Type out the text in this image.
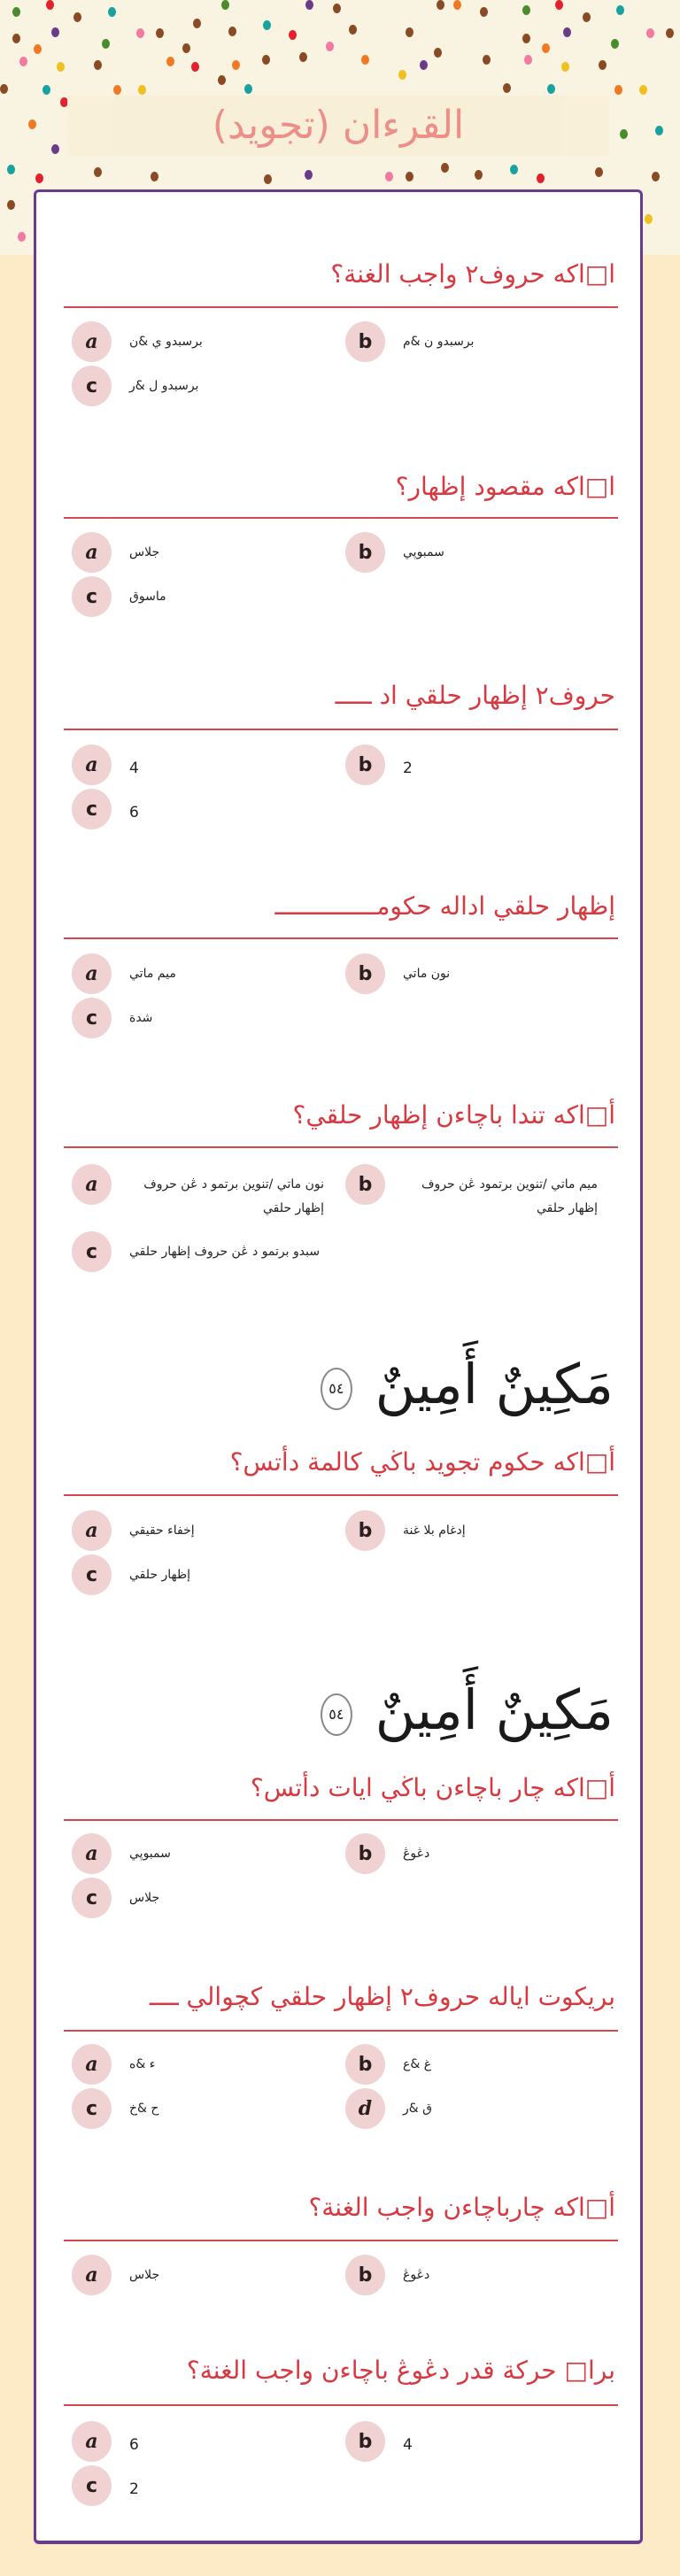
القرءان (تجويد)
ا□اكه حروف٢ واجب الغنة؟
a	برسبدو ي &ن	b	برسبدو ن &م
c	برسبدو ل &ر
ا□اكه مقصود إظهار؟
a	جلاس	b	سمبوڽي
c	ماسوق
حروف٢ إظهار حلقي اد ـــــ
a	4	b	2
c	6
إظهار حلقي اداله حكومــــــــــــــ
a	ميم ماتي	b	نون ماتي
c	شدة
أ□اكه تندا باچاءن إظهار حلقي؟
a	نون ماتي /تنوين برتمو د ڠن حروف إظهار حلقي
b	ميم ماتي /تنوين برتمود ڠن حروف إظهار حلقي
c	سبدو برتمو د ڠن حروف إظهار حلقي
مَكِينٌ أَمِينٌ ٥٤
أ□اكه حكوم تجويد باڬي كالمة دأتس؟
a	إخفاء حقيقي	b	إدغام بلا غنة
c	إظهار حلقي
مَكِينٌ أَمِينٌ ٥٤
أ□اكه چار باچاءن باڬي ايات دأتس؟
a	سمبوڽي	b	دڠوڠ
c	جلاس
بريكوت اياله حروف٢ إظهار حلقي كچوالي ــــ
a	ء &ه	b	غ &ع
c	ح &خ	d	ق &ر
أ□اكه چارباچاءن واجب الغنة؟
a	جلاس	b	دڠوڠ
برا□ حركة قدر دڠوڠ باچاءن واجب الغنة؟
a	6	b	4
c	2
